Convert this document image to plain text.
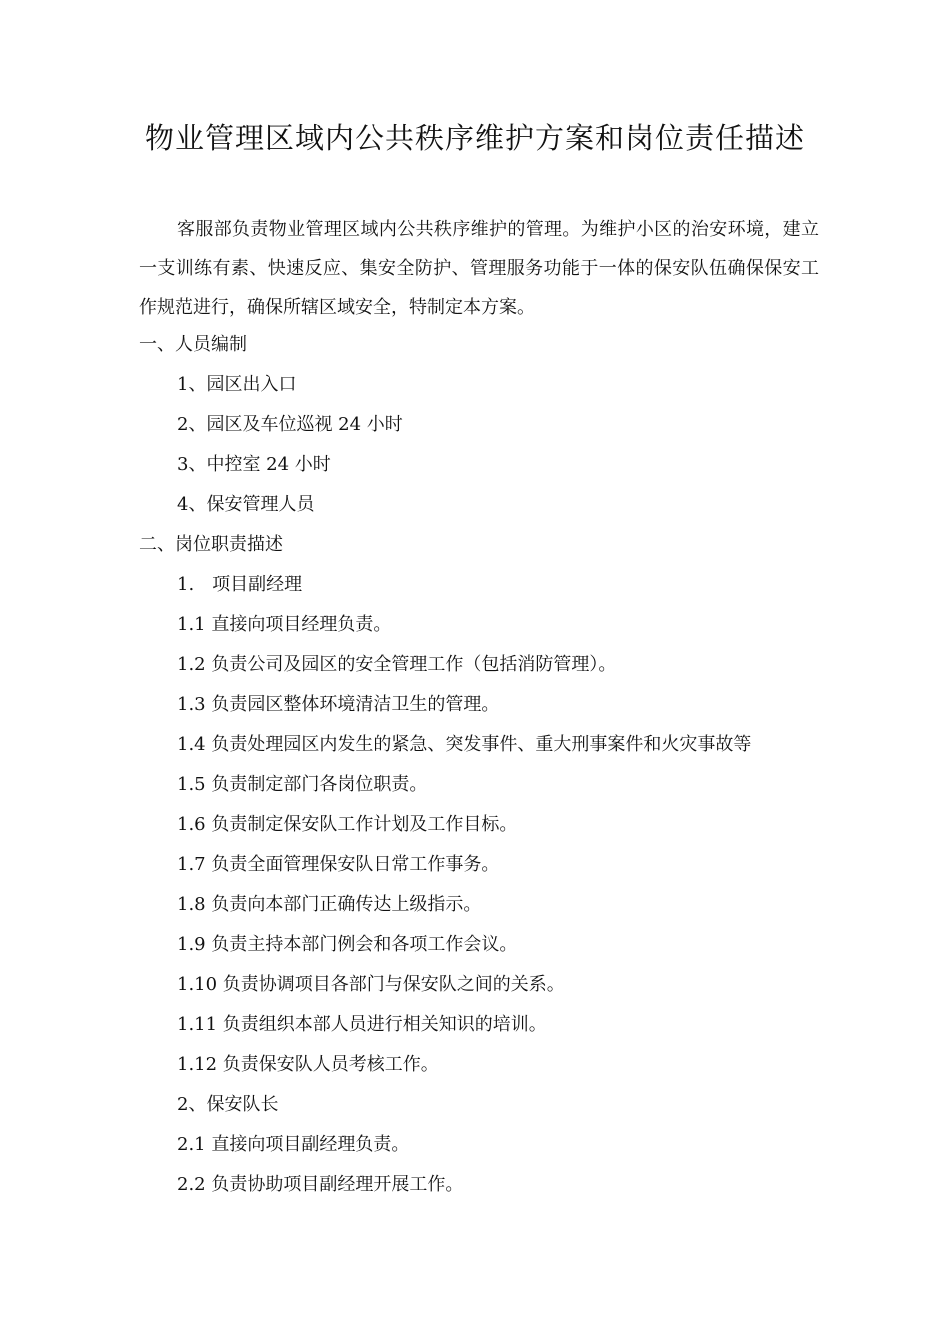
物业管理区域内公共秩序维护方案和岗位责任描述
客服部负责物业管理区域内公共秩序维护的管理。为维护小区的治安环境，建立一支训练有素、快速反应、集安全防护、管理服务功能于一体的保安队伍确保保安工作规范进行，确保所辖区域安全，特制定本方案。
一、人员编制
1、园区出入口
2、园区及车位巡视 24 小时
3、中控室 24 小时
4、保安管理人员
二、岗位职责描述
1.　项目副经理
1.1 直接向项目经理负责。
1.2 负责公司及园区的安全管理工作（包括消防管理）。
1.3 负责园区整体环境清洁卫生的管理。
1.4 负责处理园区内发生的紧急、突发事件、重大刑事案件和火灾事故等
1.5 负责制定部门各岗位职责。
1.6 负责制定保安队工作计划及工作目标。
1.7 负责全面管理保安队日常工作事务。
1.8 负责向本部门正确传达上级指示。
1.9 负责主持本部门例会和各项工作会议。
1.10 负责协调项目各部门与保安队之间的关系。
1.11 负责组织本部人员进行相关知识的培训。
1.12 负责保安队人员考核工作。
2、保安队长
2.1 直接向项目副经理负责。
2.2 负责协助项目副经理开展工作。
